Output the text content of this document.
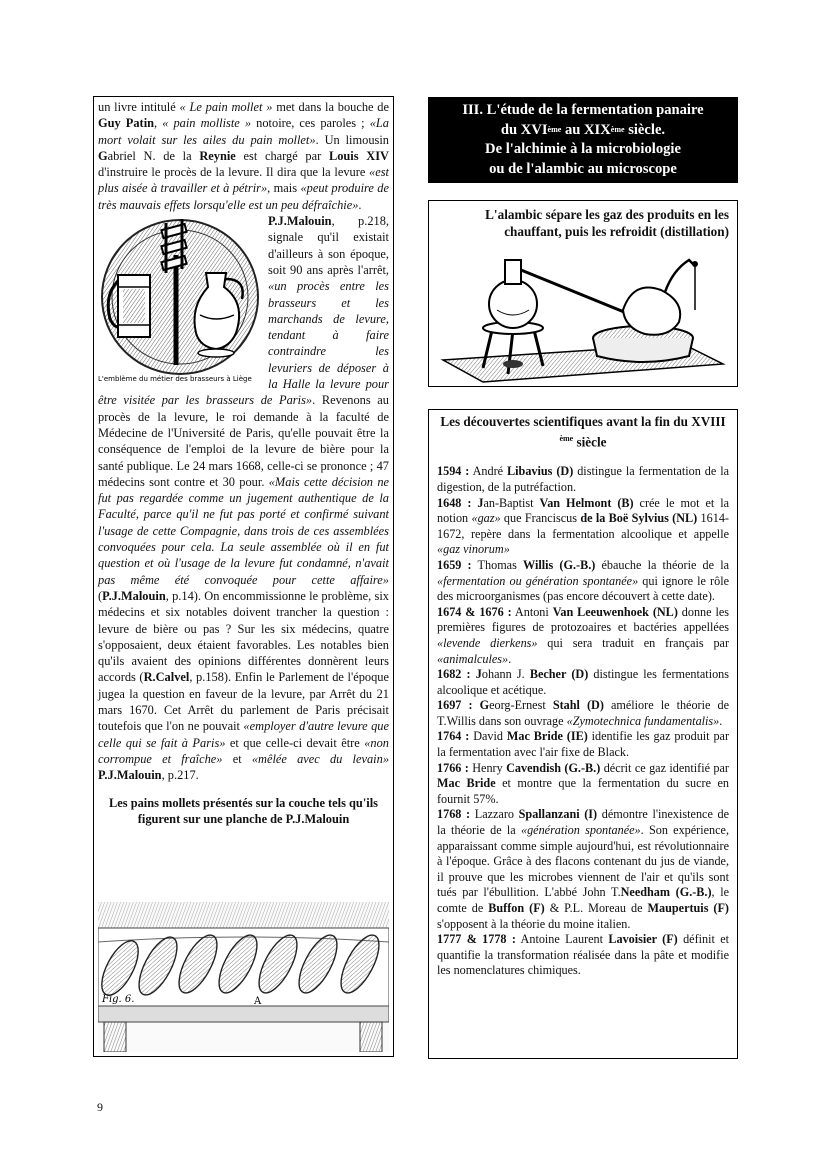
un livre intitulé « Le pain mollet » met dans la bouche de Guy Patin, « pain molliste » notoire, ces paroles ; «La mort volait sur les ailes du pain mollet». Un limousin Gabriel N. de la Reynie est chargé par Louis XIV d'instruire le procès de la levure. Il dira que la levure «est plus aisée à travailler et à pétrir», mais «peut produire de très mauvais effets lorsqu'elle est un peu défraîchie».

L'emblème du métier des brasseurs à Liège

P.J.Malouin, p.218, signale qu'il existait d'ailleurs à son époque, soit 90 ans après l'arrêt, «un procès entre les brasseurs et les marchands de levure, tendant à faire contraindre les levuriers de déposer à la Halle la levure pour être visitée par les brasseurs de Paris». Revenons au procès de la levure, le roi demande à la faculté de Médecine de l'Université de Paris, qu'elle pouvait être la conséquence de l'emploi de la levure de bière pour la santé publique. Le 24 mars 1668, celle-ci se prononce ; 47 médecins sont contre et 30 pour. «Mais cette décision ne fut pas regardée comme un jugement authentique de la Faculté, parce qu'il ne fut pas porté et confirmé suivant l'usage de cette Compagnie, dans trois de ces assemblées convoquées pour cela. La seule assemblée où il en fut question et où l'usage de la levure fut condamné, n'avait pas même été convoquée pour cette affaire» (P.J.Malouin, p.14). On encommissionne le problème, six médecins et six notables doivent trancher la question : levure de bière ou pas ? Sur les six médecins, quatre s'opposaient, deux étaient favorables. Les notables bien qu'ils avaient des opinions différentes donnèrent leurs accords (R.Calvel, p.158). Enfin le Parlement de l'époque jugea la question en faveur de la levure, par Arrêt du 21 mars 1670. Cet Arrêt du parlement de Paris précisait toutefois que l'on ne pouvait «employer d'autre levure que celle qui se fait à Paris» et que celle-ci devait être «non corrompue et fraîche» et «mêlée avec du levain» P.J.Malouin, p.217.

Les pains mollets présentés sur la couche tels qu'ils figurent sur une planche de P.J.Malouin
Fig. 6.	A
III. L'étude de la fermentation panaire
du XVIème au XIXème siècle.
De l'alchimie à la microbiologie
ou de l'alambic au microscope
L'alambic sépare les gaz des produits en les chauffant, puis les refroidit (distillation)
Les découvertes scientifiques avant la fin du XVIII $^{ème}$ siècle

1594 : André Libavius (D) distingue la fermentation de la digestion, de la putréfaction.

1648 : Jan-Baptist Van Helmont (B) crée le mot et la notion «gaz» que Franciscus de la Boë Sylvius (NL) 1614-1672, repère dans la fermentation alcoolique et appelle «gaz vinorum»

1659 : Thomas Willis (G.-B.) ébauche la théorie de la «fermentation ou génération spontanée» qui ignore le rôle des microorganismes (pas encore découvert à cette date).

1674 & 1676 : Antoni Van Leeuwenhoek (NL) donne les premières figures de protozoaires et bactéries appellées «levende dierkens» qui sera traduit en français par «animalcules».

1682 : Johann J. Becher (D) distingue les fermentations alcoolique et acétique.

1697 : Georg-Ernest Stahl (D) améliore le théorie de T.Willis dans son ouvrage «Zymotechnica fundamentalis».

1764 : David Mac Bride (IE) identifie les gaz produit par la fermentation avec l'air fixe de Black.

1766 : Henry Cavendish (G.-B.) décrit ce gaz identifié par Mac Bride et montre que la fermentation du sucre en fournit 57%.

1768 : Lazzaro Spallanzani (I) démontre l'inexistence de la théorie de la «génération spontanée». Son expérience, apparaissant comme simple aujourd'hui, est révolutionnaire à l'époque. Grâce à des flacons contenant du jus de viande, il prouve que les microbes viennent de l'air et qu'ils sont tués par l'ébullition. L'abbé John T.Needham (G.-B.), le comte de Buffon (F) & P.L. Moreau de Maupertuis (F) s'opposent à la théorie du moine italien.

1777 & 1778 : Antoine Laurent Lavoisier (F) définit et quantifie la transformation réalisée dans la pâte et modifie les nomenclatures chimiques.

9
